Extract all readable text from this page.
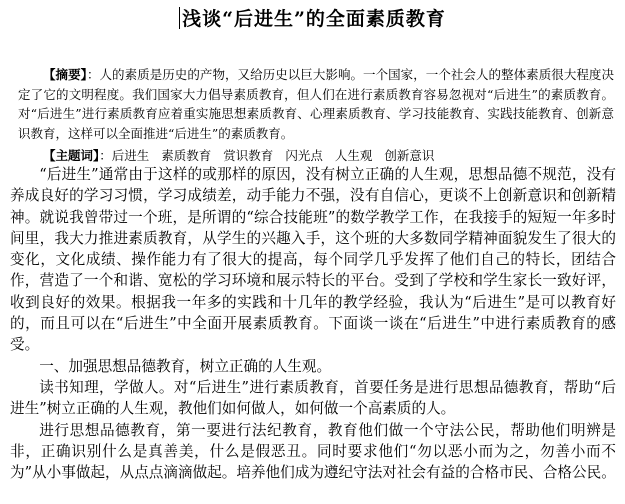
浅谈“后进生”的全面素质教育
【摘要】：人的素质是历史的产物，又给历史以巨大影响。一个国家，一个社会人的整体素质很大程度决定了它的文明程度。我们国家大力倡导素质教育，但人们在进行素质教育容易忽视对“后进生”的素质教育。对“后进生”进行素质教育应着重实施思想素质教育、心理素质教育、学习技能教育、实践技能教育、创新意识教育，这样可以全面推进“后进生”的素质教育。
【主题词】：后进生 素质教育 赏识教育 闪光点 人生观 创新意识

“后进生”通常由于这样的或那样的原因，没有树立正确的人生观，思想品德不规范，没有养成良好的学习习惯，学习成绩差，动手能力不强，没有自信心，更谈不上创新意识和创新精神。就说我曾带过一个班，是所谓的“综合技能班”的数学教学工作，在我接手的短短一年多时间里，我大力推进素质教育，从学生的兴趣入手，这个班的大多数同学精神面貌发生了很大的变化，文化成绩、操作能力有了很大的提高，每个同学几乎发挥了他们自己的特长，团结合作，营造了一个和谐、宽松的学习环境和展示特长的平台。受到了学校和学生家长一致好评，收到良好的效果。根据我一年多的实践和十几年的教学经验，我认为“后进生”是可以教育好的，而且可以在“后进生”中全面开展素质教育。下面谈一谈在“后进生”中进行素质教育的感受。

一、加强思想品德教育，树立正确的人生观。

读书知理，学做人。对“后进生”进行素质教育，首要任务是进行思想品德教育，帮助“后进生”树立正确的人生观，教他们如何做人，如何做一个高素质的人。

进行思想品德教育，第一要进行法纪教育，教育他们做一个守法公民，帮助他们明辨是非，正确识别什么是真善美，什么是假恶丑。同时要求他们“勿以恶小而为之，勿善小而不为”从小事做起，从点点滴滴做起。培养他们成为遵纪守法对社会有益的合格市民、合格公民。
